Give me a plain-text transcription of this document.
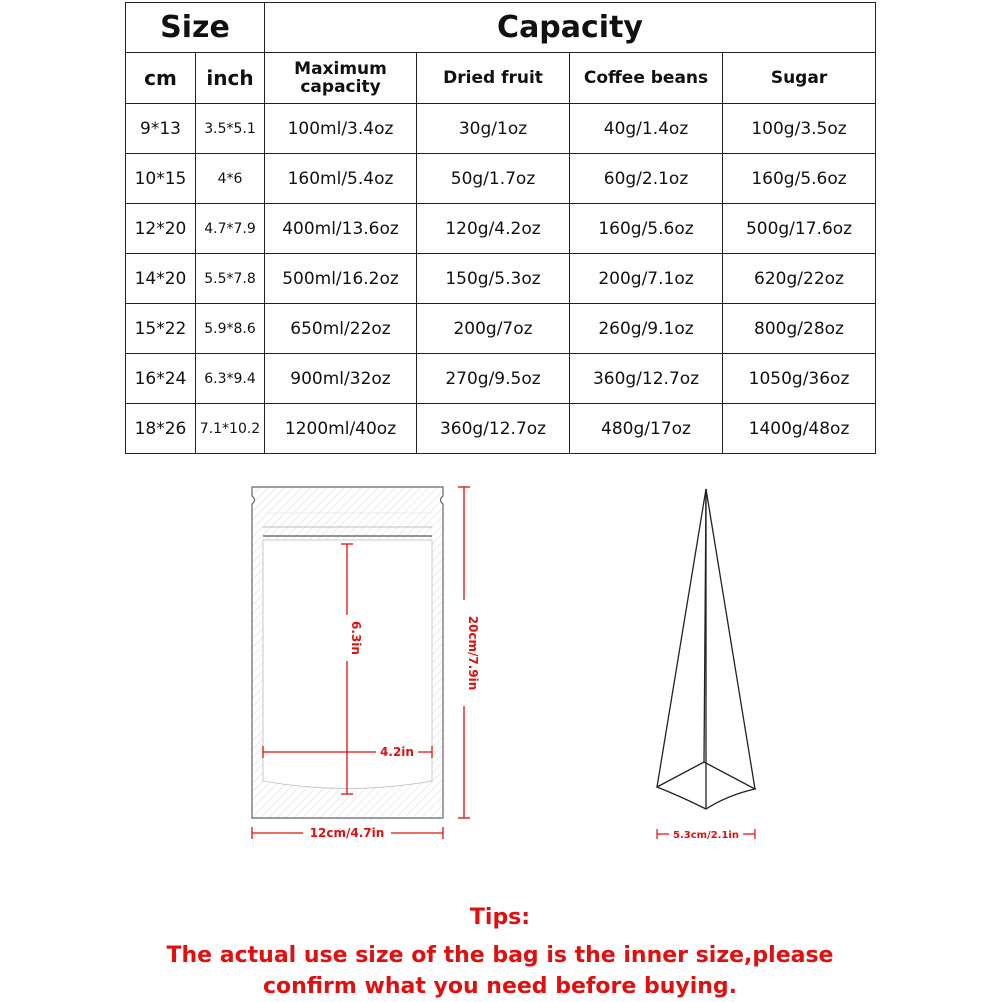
Size		Capacity			
cm	inch	Maximum capacity	Dried fruit	Coffee beans	Sugar
9*13	3.5*5.1	100ml/3.4oz	30g/1oz	40g/1.4oz	100g/3.5oz
10*15	4*6	160ml/5.4oz	50g/1.7oz	60g/2.1oz	160g/5.6oz
12*20	4.7*7.9	400ml/13.6oz	120g/4.2oz	160g/5.6oz	500g/17.6oz
14*20	5.5*7.8	500ml/16.2oz	150g/5.3oz	200g/7.1oz	620g/22oz
15*22	5.9*8.6	650ml/22oz	200g/7oz	260g/9.1oz	800g/28oz
16*24	6.3*9.4	900ml/32oz	270g/9.5oz	360g/12.7oz	1050g/36oz
18*26	7.1*10.2	1200ml/40oz	360g/12.7oz	480g/17oz	1400g/48oz
6.3in
4.2in
20cm/7.9in
12cm/4.7in	5.3cm/2.1in
Tips:
The actual use size of the bag is the inner size,please confirm what you need before buying.
